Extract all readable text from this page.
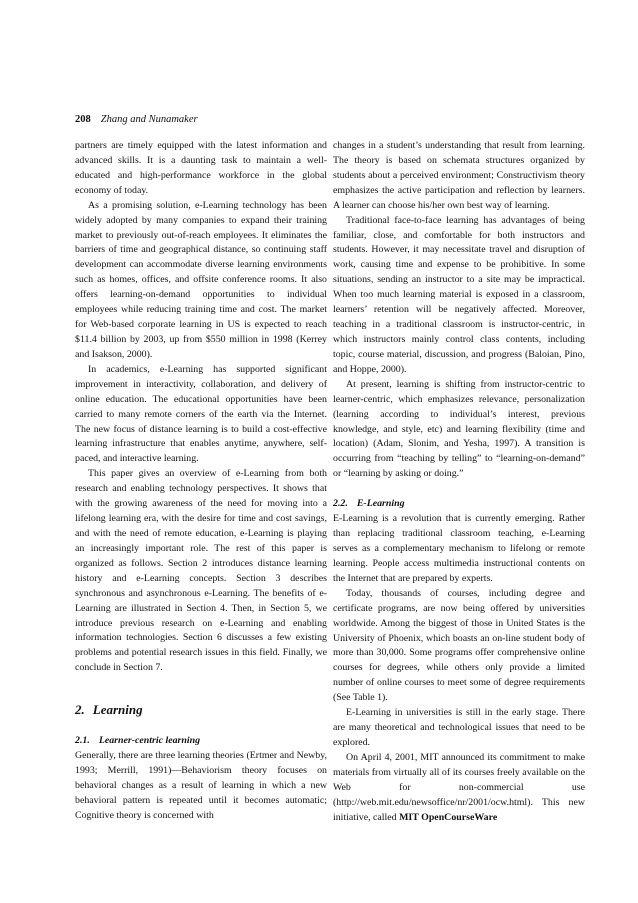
208 Zhang and Nunamaker

partners are timely equipped with the latest information and advanced skills. It is a daunting task to maintain a well-educated and high-performance workforce in the global economy of today.

As a promising solution, e-Learning technology has been widely adopted by many companies to expand their training market to previously out-of-reach employees. It eliminates the barriers of time and geographical distance, so continuing staff development can accommodate diverse learning environments such as homes, offices, and offsite conference rooms. It also offers learning-on-demand opportunities to individual employees while reducing training time and cost. The market for Web-based corporate learning in US is expected to reach $11.4 billion by 2003, up from $550 million in 1998 (Kerrey and Isakson, 2000).

In academics, e-Learning has supported significant improvement in interactivity, collaboration, and delivery of online education. The educational opportunities have been carried to many remote corners of the earth via the Internet. The new focus of distance learning is to build a cost-effective learning infrastructure that enables anytime, anywhere, self-paced, and interactive learning.

This paper gives an overview of e-Learning from both research and enabling technology perspectives. It shows that with the growing awareness of the need for moving into a lifelong learning era, with the desire for time and cost savings, and with the need of remote education, e-Learning is playing an increasingly important role. The rest of this paper is organized as follows. Section 2 introduces distance learning history and e-Learning concepts. Section 3 describes synchronous and asynchronous e-Learning. The benefits of e-Learning are illustrated in Section 4. Then, in Section 5, we introduce previous research on e-Learning and enabling information technologies. Section 6 discusses a few existing problems and potential research issues in this field. Finally, we conclude in Section 7.

2. Learning
2.1. Learner-centric learning

Generally, there are three learning theories (Ertmer and Newby, 1993; Merrill, 1991)—Behaviorism theory focuses on behavioral changes as a result of learning in which a new behavioral pattern is repeated until it becomes automatic; Cognitive theory is concerned with

changes in a student’s understanding that result from learning. The theory is based on schemata structures organized by students about a perceived environment; Constructivism theory emphasizes the active participation and reflection by learners. A learner can choose his/her own best way of learning.

Traditional face-to-face learning has advantages of being familiar, close, and comfortable for both instructors and students. However, it may necessitate travel and disruption of work, causing time and expense to be prohibitive. In some situations, sending an instructor to a site may be impractical. When too much learning material is exposed in a classroom, learners’ retention will be negatively affected. Moreover, teaching in a traditional classroom is instructor-centric, in which instructors mainly control class contents, including topic, course material, discussion, and progress (Baloian, Pino, and Hoppe, 2000).

At present, learning is shifting from instructor-centric to learner-centric, which emphasizes relevance, personalization (learning according to individual’s interest, previous knowledge, and style, etc) and learning flexibility (time and location) (Adam, Slonim, and Yesha, 1997). A transition is occurring from “teaching by telling” to “learning-on-demand” or “learning by asking or doing.”

2.2. E-Learning

E-Learning is a revolution that is currently emerging. Rather than replacing traditional classroom teaching, e-Learning serves as a complementary mechanism to lifelong or remote learning. People access multimedia instructional contents on the Internet that are prepared by experts.

Today, thousands of courses, including degree and certificate programs, are now being offered by universities worldwide. Among the biggest of those in United States is the University of Phoenix, which boasts an on-line student body of more than 30,000. Some programs offer comprehensive online courses for degrees, while others only provide a limited number of online courses to meet some of degree requirements (See Table 1).

E-Learning in universities is still in the early stage. There are many theoretical and technological issues that need to be explored.

On April 4, 2001, MIT announced its commitment to make materials from virtually all of its courses freely available on the Web for non-commercial use (http://web.mit.edu/newsoffice/nr/2001/ocw.html). This new initiative, called MIT OpenCourseWare
